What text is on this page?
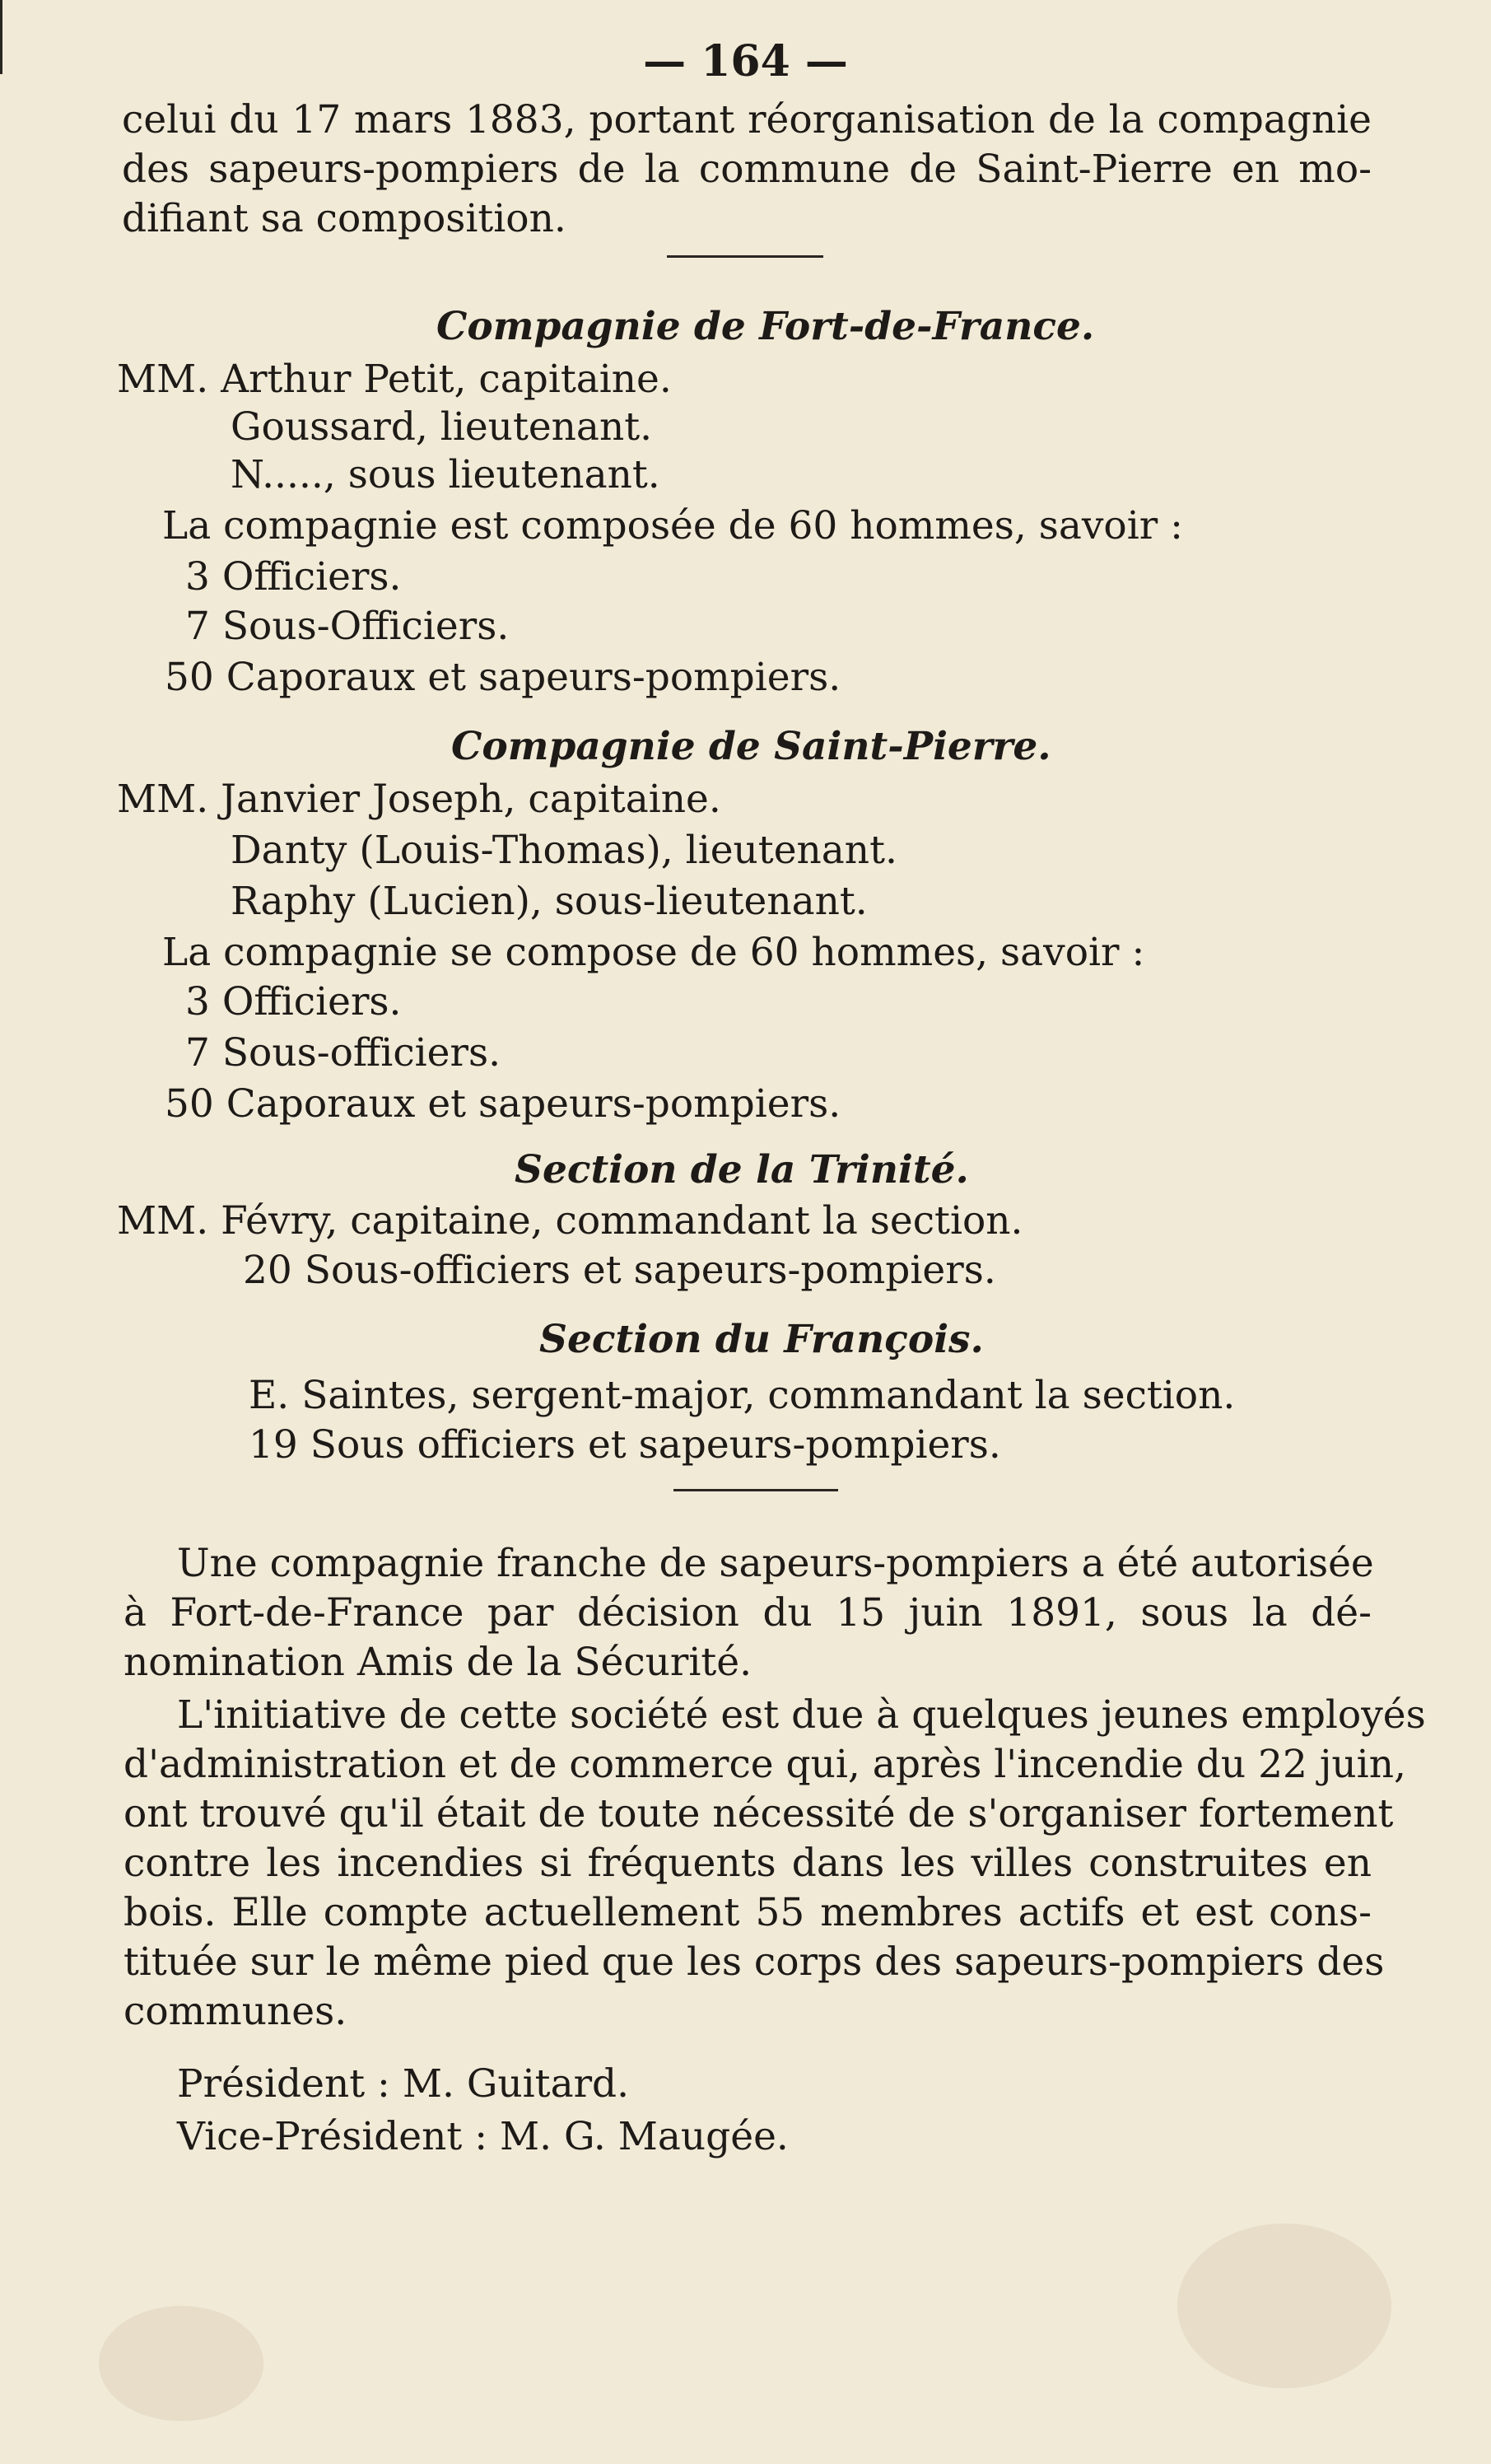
— 164 —
celui du 17 mars 1883, portant réorganisation de la compagnie
des sapeurs-pompiers de la commune de Saint-Pierre en mo-
difiant sa composition.
Compagnie de Fort-de-France.
MM. Arthur Petit, capitaine.
Goussard, lieutenant.
N....., sous lieutenant.
La compagnie est composée de 60 hommes, savoir :
3 Officiers.
7 Sous-Officiers.
50 Caporaux et sapeurs-pompiers.
Compagnie de Saint-Pierre.
MM. Janvier Joseph, capitaine.
Danty (Louis-Thomas), lieutenant.
Raphy (Lucien), sous-lieutenant.
La compagnie se compose de 60 hommes, savoir :
3 Officiers.
7 Sous-officiers.
50 Caporaux et sapeurs-pompiers.
Section de la Trinité.
MM. Févry, capitaine, commandant la section.
20 Sous-officiers et sapeurs-pompiers.
Section du François.
E. Saintes, sergent-major, commandant la section.
19 Sous officiers et sapeurs-pompiers.
Une compagnie franche de sapeurs-pompiers a été autorisée
à Fort-de-France par décision du 15 juin 1891, sous la dé-
nomination Amis de la Sécurité.
L'initiative de cette société est due à quelques jeunes employés
d'administration et de commerce qui, après l'incendie du 22 juin,
ont trouvé qu'il était de toute nécessité de s'organiser fortement
contre les incendies si fréquents dans les villes construites en
bois. Elle compte actuellement 55 membres actifs et est cons-
tituée sur le même pied que les corps des sapeurs-pompiers des
communes.
Président : M. Guitard.
Vice-Président : M. G. Maugée.
